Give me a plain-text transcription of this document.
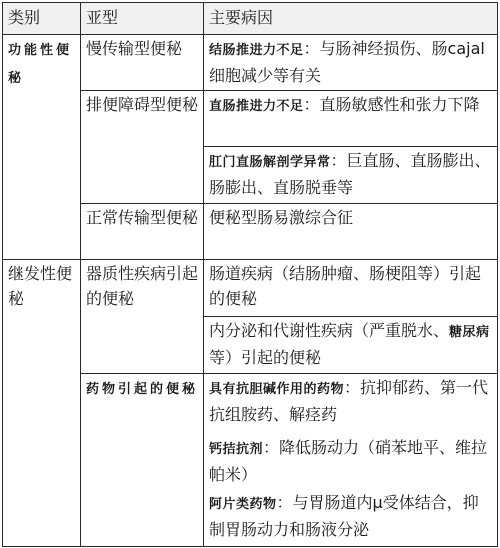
类别	亚型	主要病因
功能性便秘	慢传输型便秘	结肠推进力不足：与肠神经损伤、肠cajal 细胞减少等有关
	排便障碍型便秘	直肠推进力不足：直肠敏感性和张力下降
		肛门直肠解剖学异常：巨直肠、直肠膨出、肠膨出、直肠脱垂等
	正常传输型便秘	便秘型肠易激综合征
继发性便秘	器质性疾病引起的便秘	肠道疾病（结肠肿瘤、肠梗阻等）引起的便秘
		内分泌和代谢性疾病（严重脱水、糖尿病等）引起的便秘
	药物引起的便秘	具有抗胆碱作用的药物：抗抑郁药、第一代抗组胺药、解痉药
		钙拮抗剂：降低肠动力（硝苯地平、维拉帕米）
		阿片类药物：与胃肠道内μ受体结合，抑制胃肠动力和肠液分泌
